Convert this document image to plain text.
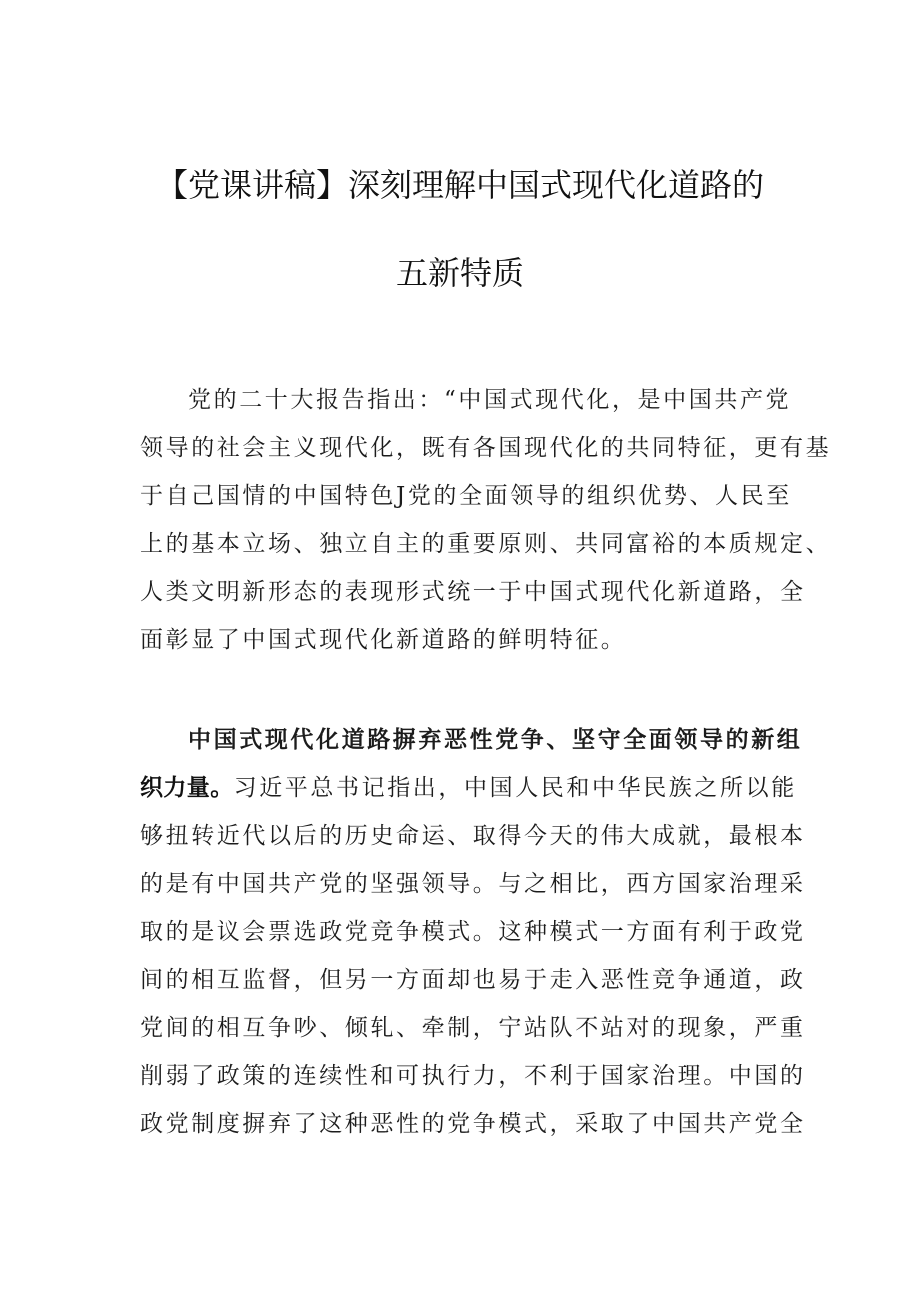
【党课讲稿】深刻理解中国式现代化道路的
五新特质
党的二十大报告指出：“中国式现代化，是中国共产党
领导的社会主义现代化，既有各国现代化的共同特征，更有基
于自己国情的中国特色J党的全面领导的组织优势、人民至
上的基本立场、独立自主的重要原则、共同富裕的本质规定、
人类文明新形态的表现形式统一于中国式现代化新道路，全
面彰显了中国式现代化新道路的鲜明特征。
中国式现代化道路摒弃恶性党争、坚守全面领导的新组
织力量。习近平总书记指出，中国人民和中华民族之所以能
够扭转近代以后的历史命运、取得今天的伟大成就，最根本
的是有中国共产党的坚强领导。与之相比，西方国家治理采
取的是议会票选政党竞争模式。这种模式一方面有利于政党
间的相互监督，但另一方面却也易于走入恶性竞争通道，政
党间的相互争吵、倾轧、牵制，宁站队不站对的现象，严重
削弱了政策的连续性和可执行力，不利于国家治理。中国的
政党制度摒弃了这种恶性的党争模式，采取了中国共产党全
